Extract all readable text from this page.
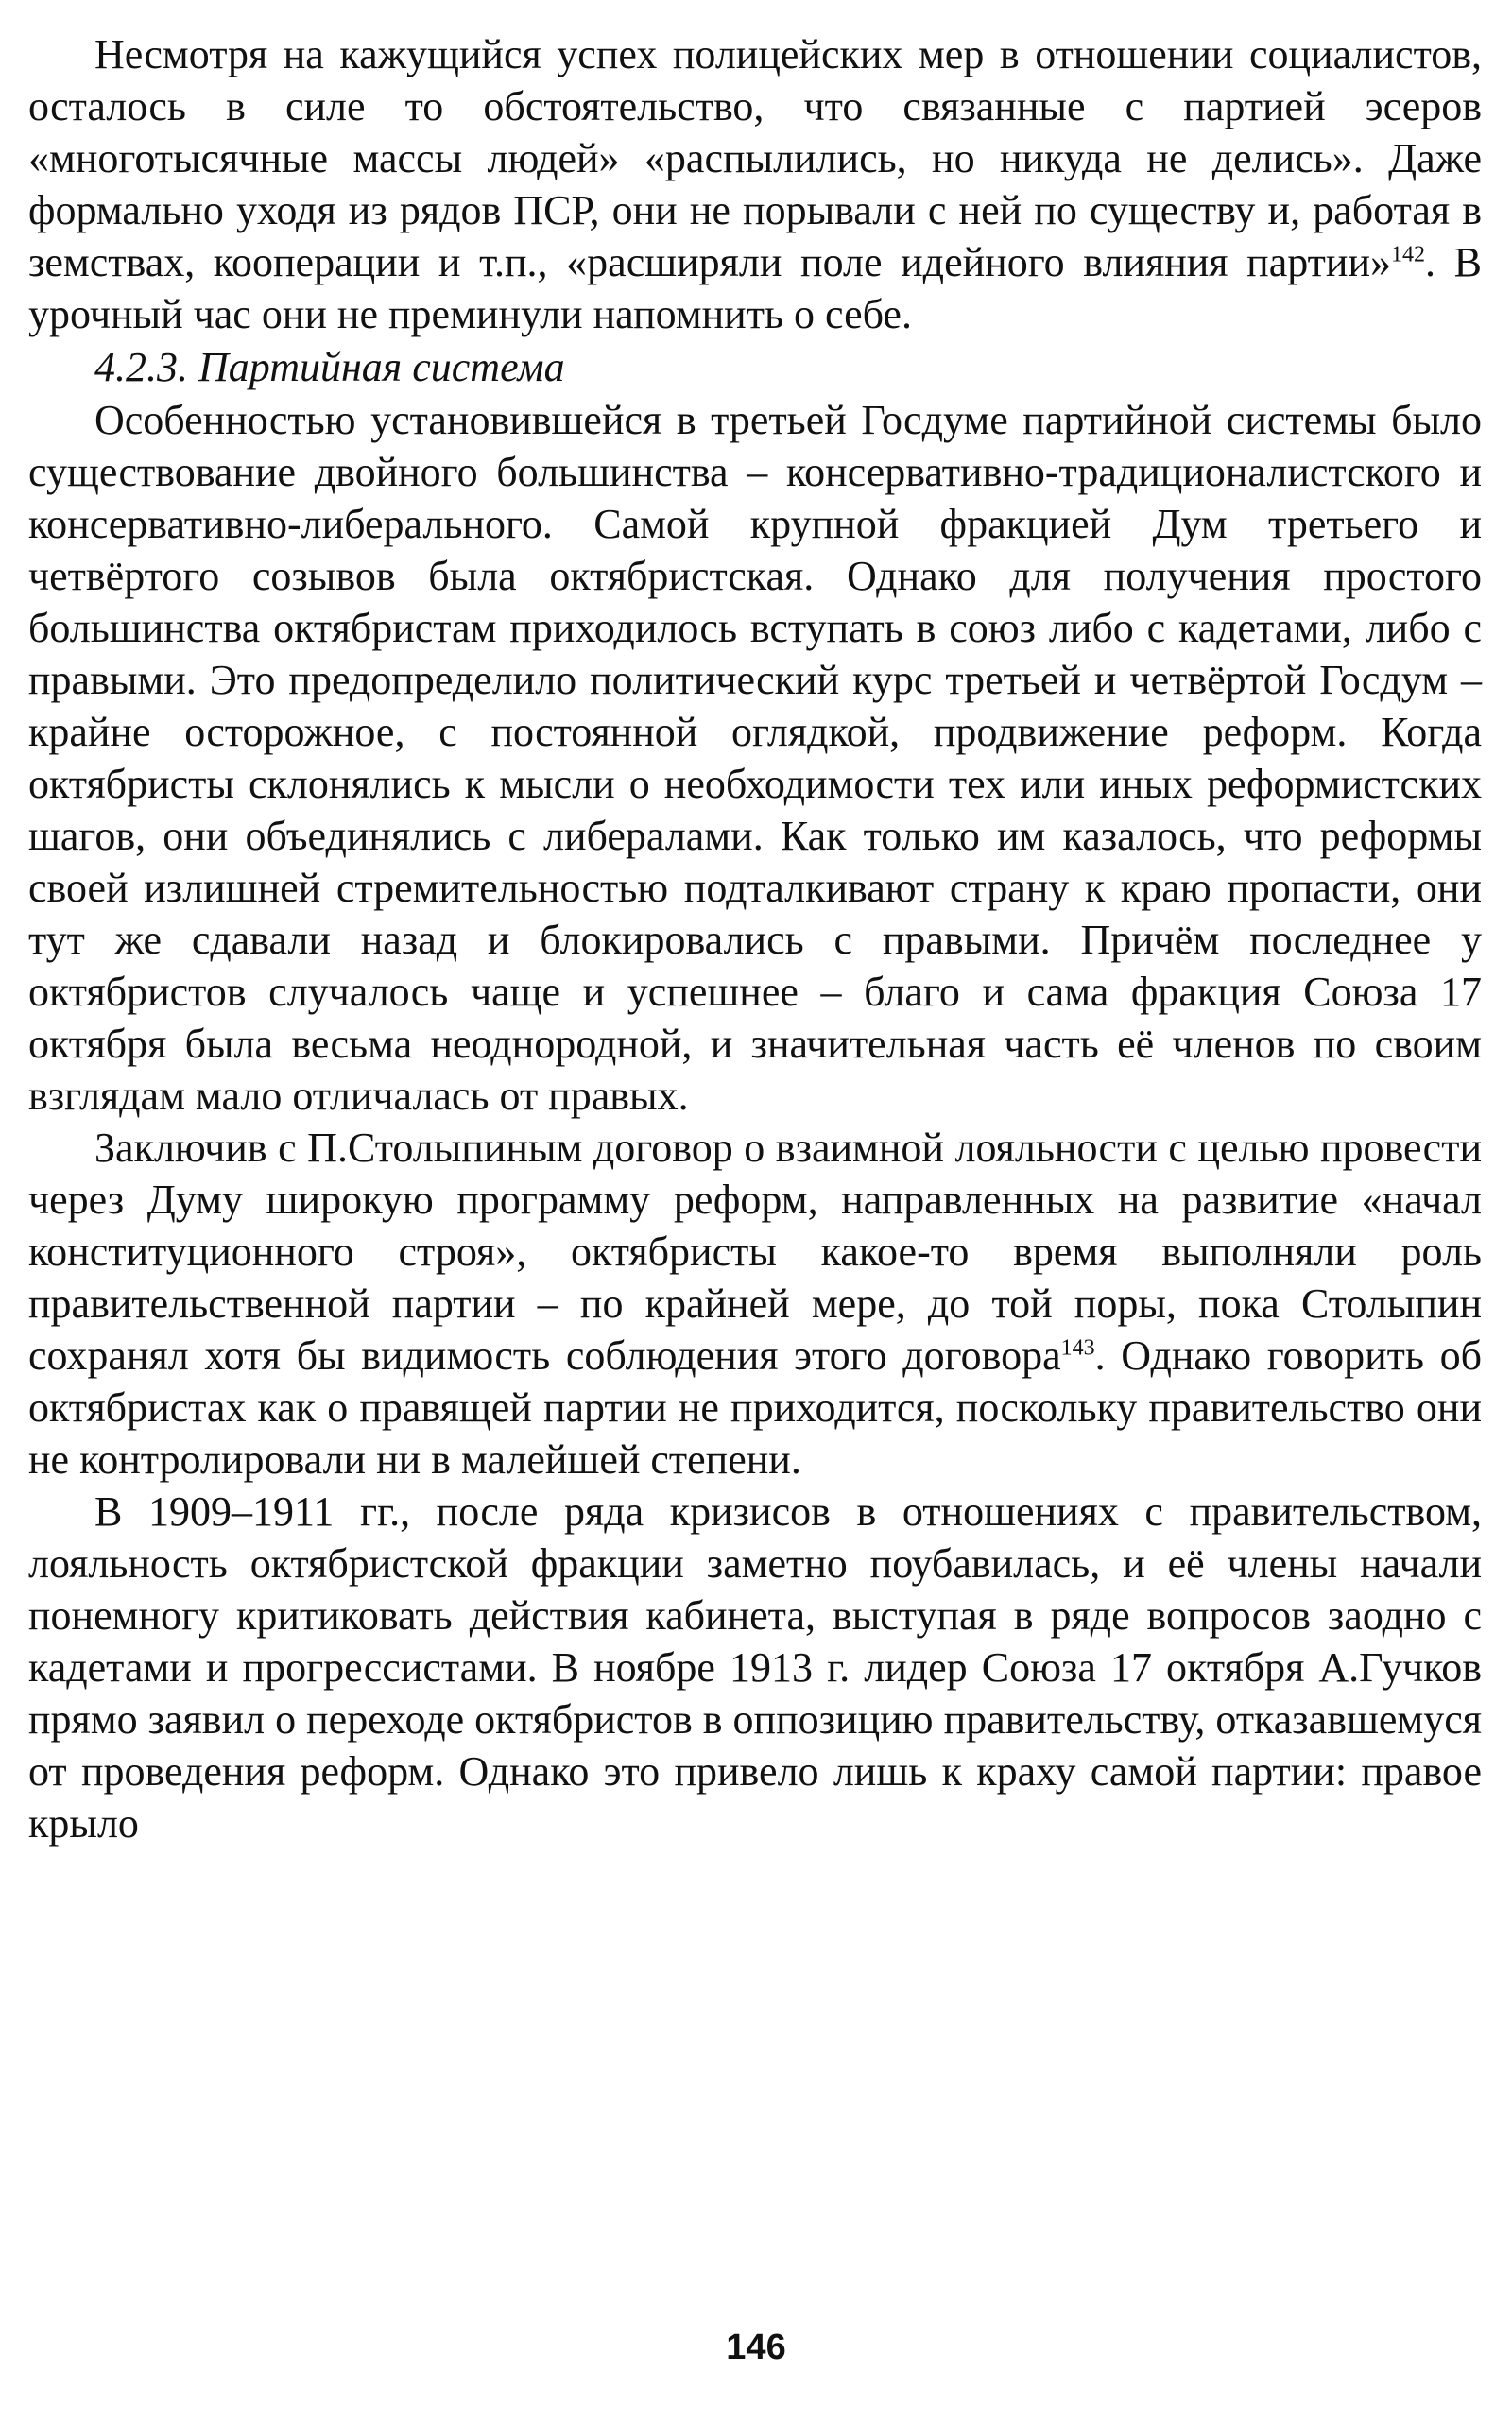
Несмотря на кажущийся успех полицейских мер в отношении социалистов, осталось в силе то обстоятельство, что связанные с партией эсеров «многотысячные массы людей» «распылились, но никуда не делись». Даже формально уходя из рядов ПСР, они не порывали с ней по существу и, работая в земствах, кооперации и т.п., «расширяли поле идейного влияния партии»$^{142}$. В урочный час они не преминули напомнить о себе.

4.2.3. Партийная система

Особенностью установившейся в третьей Госдуме партийной системы было существование двойного большинства – консервативно-традиционалистского и консервативно-либерального. Самой крупной фракцией Дум третьего и четвёртого созывов была октябристская. Однако для получения простого большинства октябристам приходилось вступать в союз либо с кадетами, либо с правыми. Это предопределило политический курс третьей и четвёртой Госдум – крайне осторожное, с постоянной оглядкой, продвижение реформ. Когда октябристы склонялись к мысли о необходимости тех или иных реформистских шагов, они объединялись с либералами. Как только им казалось, что реформы своей излишней стремительностью подталкивают страну к краю пропасти, они тут же сдавали назад и блокировались с правыми. Причём последнее у октябристов случалось чаще и успешнее – благо и сама фракция Союза 17 октября была весьма неоднородной, и значительная часть её членов по своим взглядам мало отличалась от правых.

Заключив с П.Столыпиным договор о взаимной лояльности с целью провести через Думу широкую программу реформ, направленных на развитие «начал конституционного строя», октябристы какое-то время выполняли роль правительственной партии – по крайней мере, до той поры, пока Столыпин сохранял хотя бы видимость соблюдения этого договора$^{143}$. Однако говорить об октябристах как о правящей партии не приходится, поскольку правительство они не контролировали ни в малейшей степени.

В 1909–1911 гг., после ряда кризисов в отношениях с правительством, лояльность октябристской фракции заметно поубавилась, и её члены начали понемногу критиковать действия кабинета, выступая в ряде вопросов заодно с кадетами и прогрессистами. В ноябре 1913 г. лидер Союза 17 октября А.Гучков прямо заявил о переходе октябристов в оппозицию правительству, отказавшемуся от проведения реформ. Однако это привело лишь к краху самой партии: правое крыло

146
